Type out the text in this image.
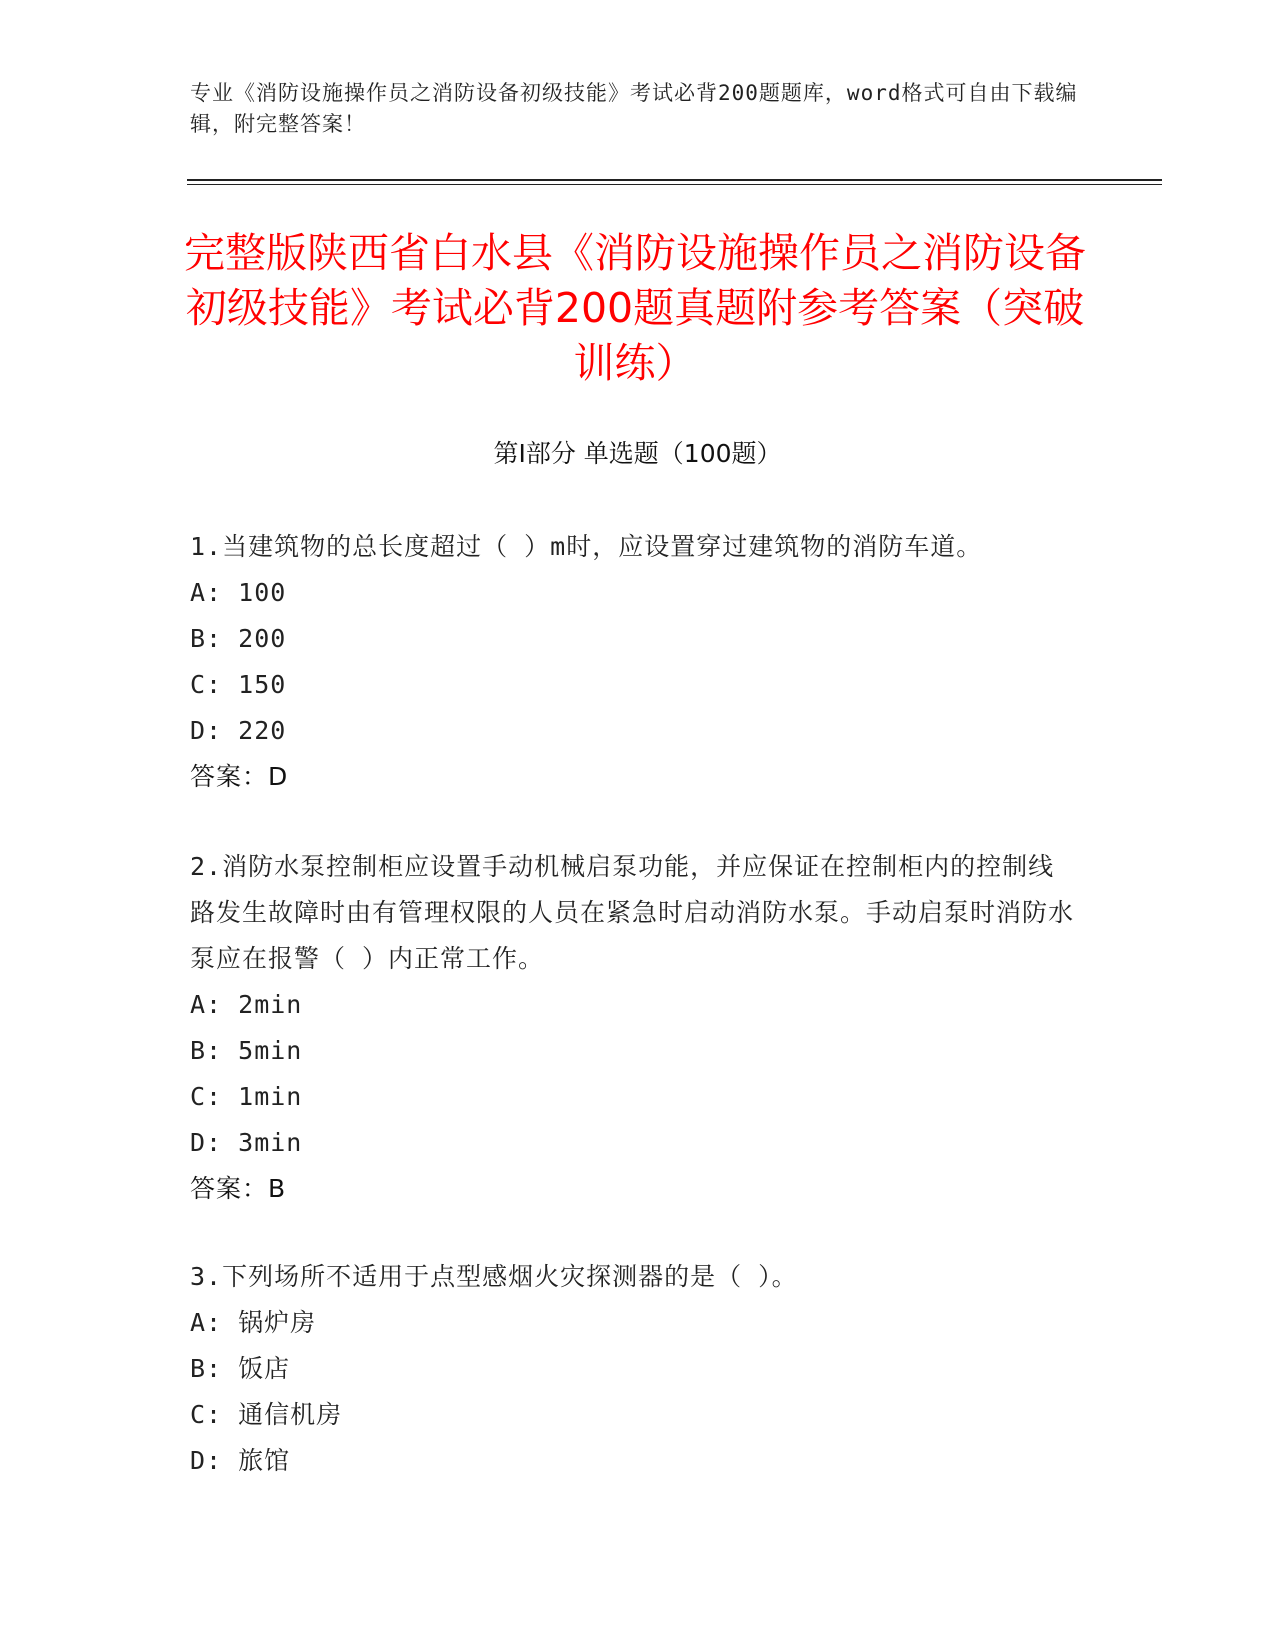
专业《消防设施操作员之消防设备初级技能》考试必背200题题库，word格式可自由下载编辑，附完整答案！
完整版陕西省白水县《消防设施操作员之消防设备初级技能》考试必背200题真题附参考答案（突破训练）
第I部分 单选题（100题）

1.当建筑物的总长度超过（ ）m时，应设置穿过建筑物的消防车道。

A: 100

B: 200

C: 150

D: 220

答案：D

2.消防水泵控制柜应设置手动机械启泵功能，并应保证在控制柜内的控制线路发生故障时由有管理权限的人员在紧急时启动消防水泵。手动启泵时消防水泵应在报警（ ）内正常工作。

A: 2min

B: 5min

C: 1min

D: 3min

答案：B

3.下列场所不适用于点型感烟火灾探测器的是（ ）。

A: 锅炉房

B: 饭店

C: 通信机房

D: 旅馆
